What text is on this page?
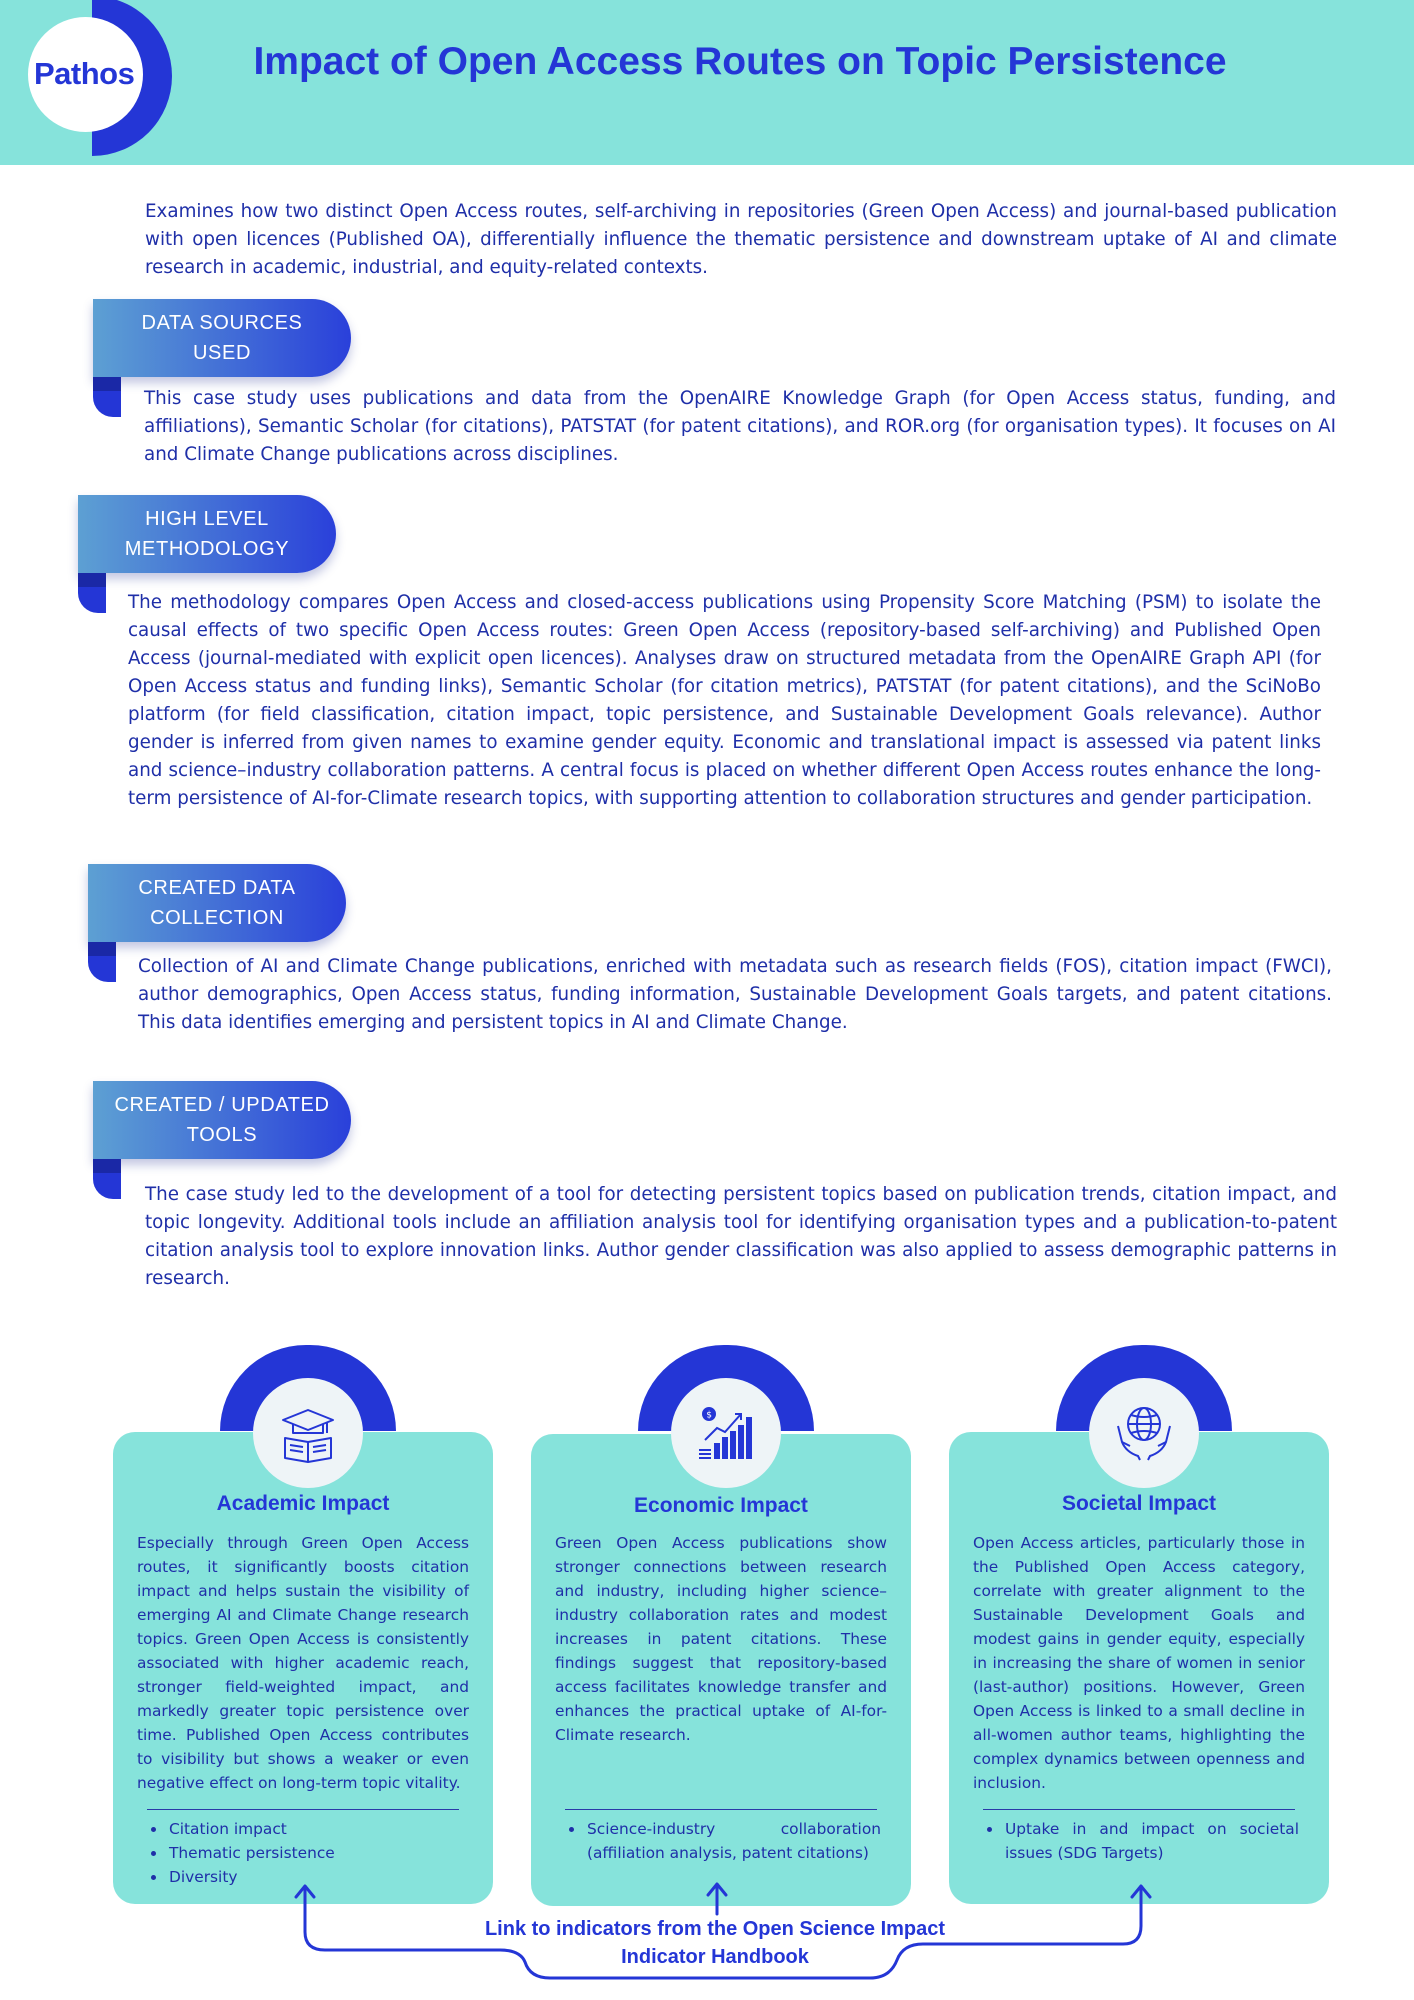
Pathos	Impact of Open Access Routes on Topic Persistence

Examines how two distinct Open Access routes, self-archiving in repositories (Green Open Access) and journal-based publication with open licences (Published OA), differentially influence the thematic persistence and downstream uptake of AI and climate research in academic, industrial, and equity-related contexts.

DATA SOURCES USED

This case study uses publications and data from the OpenAIRE Knowledge Graph (for Open Access status, funding, and affiliations), Semantic Scholar (for citations), PATSTAT (for patent citations), and ROR.org (for organisation types). It focuses on AI and Climate Change publications across disciplines.

HIGH LEVEL METHODOLOGY

The methodology compares Open Access and closed-access publications using Propensity Score Matching (PSM) to isolate the causal effects of two specific Open Access routes: Green Open Access (repository-based self-archiving) and Published Open Access (journal-mediated with explicit open licences). Analyses draw on structured metadata from the OpenAIRE Graph API (for Open Access status and funding links), Semantic Scholar (for citation metrics), PATSTAT (for patent citations), and the SciNoBo platform (for field classification, citation impact, topic persistence, and Sustainable Development Goals relevance). Author gender is inferred from given names to examine gender equity. Economic and translational impact is assessed via patent links and science–industry collaboration patterns. A central focus is placed on whether different Open Access routes enhance the long-term persistence of AI-for-Climate research topics, with supporting attention to collaboration structures and gender participation.

CREATED DATA COLLECTION

Collection of AI and Climate Change publications, enriched with metadata such as research fields (FOS), citation impact (FWCI), author demographics, Open Access status, funding information, Sustainable Development Goals targets, and patent citations. This data identifies emerging and persistent topics in AI and Climate Change.

CREATED / UPDATED TOOLS

The case study led to the development of a tool for detecting persistent topics based on publication trends, citation impact, and topic longevity. Additional tools include an affiliation analysis tool for identifying organisation types and a publication-to-patent citation analysis tool to explore innovation links. Author gender classification was also applied to assess demographic patterns in research.

Academic Impact
Especially through Green Open Access routes, it significantly boosts citation impact and helps sustain the visibility of emerging AI and Climate Change research topics. Green Open Access is consistently associated with higher academic reach, stronger field-weighted impact, and markedly greater topic persistence over time. Published Open Access contributes to visibility but shows a weaker or even negative effect on long-term topic vitality.
Citation impact
Thematic persistence
Diversity
Economic Impact
Green Open Access publications show stronger connections between research and industry, including higher science–industry collaboration rates and modest increases in patent citations. These findings suggest that repository-based access facilitates knowledge transfer and enhances the practical uptake of AI-for-Climate research.
Science-industry collaboration (affiliation analysis, patent citations)
Societal Impact
Open Access articles, particularly those in the Published Open Access category, correlate with greater alignment to the Sustainable Development Goals and modest gains in gender equity, especially in increasing the share of women in senior (last-author) positions. However, Green Open Access is linked to a small decline in all-women author teams, highlighting the complex dynamics between openness and inclusion.
Uptake in and impact on societal issues (SDG Targets)
$
Link to indicators from the Open Science Impact Indicator Handbook
